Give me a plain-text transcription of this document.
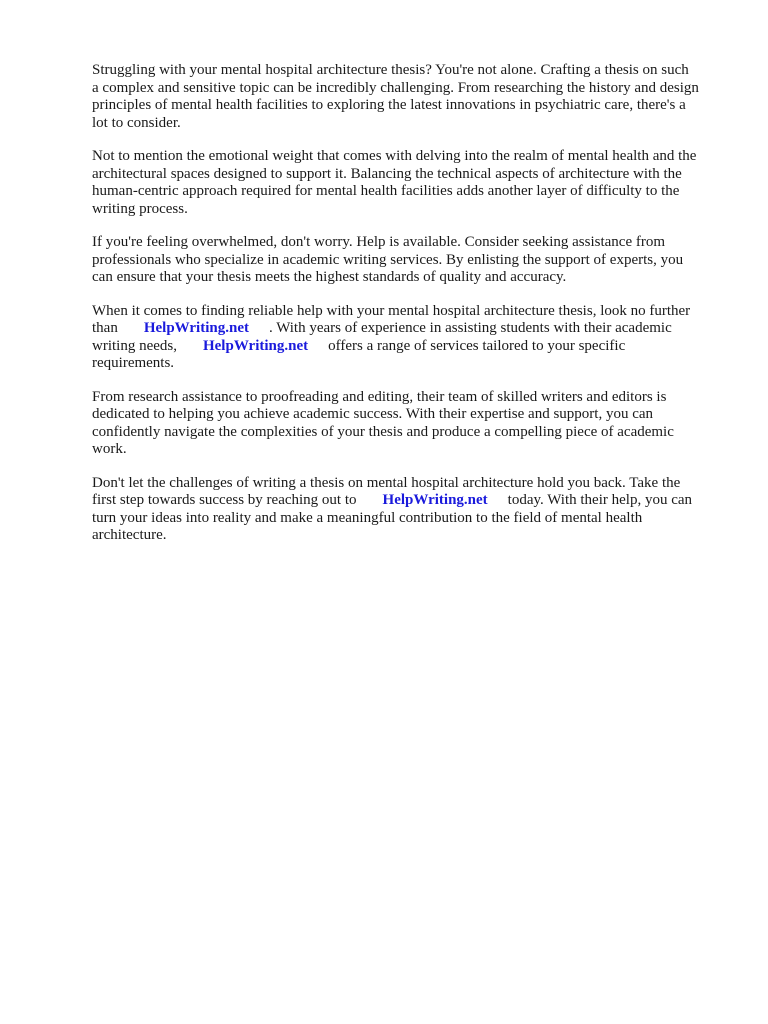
Struggling with your mental hospital architecture thesis? You're not alone. Crafting a thesis on such
a complex and sensitive topic can be incredibly challenging. From researching the history and design
principles of mental health facilities to exploring the latest innovations in psychiatric care, there's a
lot to consider.

Not to mention the emotional weight that comes with delving into the realm of mental health and the
architectural spaces designed to support it. Balancing the technical aspects of architecture with the
human-centric approach required for mental health facilities adds another layer of difficulty to the
writing process.

If you're feeling overwhelmed, don't worry. Help is available. Consider seeking assistance from
professionals who specialize in academic writing services. By enlisting the support of experts, you
can ensure that your thesis meets the highest standards of quality and accuracy.

When it comes to finding reliable help with your mental hospital architecture thesis, look no further
than HelpWriting.net . With years of experience in assisting students with their academic
writing needs, HelpWriting.net offers a range of services tailored to your specific
requirements.

From research assistance to proofreading and editing, their team of skilled writers and editors is
dedicated to helping you achieve academic success. With their expertise and support, you can
confidently navigate the complexities of your thesis and produce a compelling piece of academic
work.

Don't let the challenges of writing a thesis on mental hospital architecture hold you back. Take the
first step towards success by reaching out to HelpWriting.net today. With their help, you can
turn your ideas into reality and make a meaningful contribution to the field of mental health
architecture.
